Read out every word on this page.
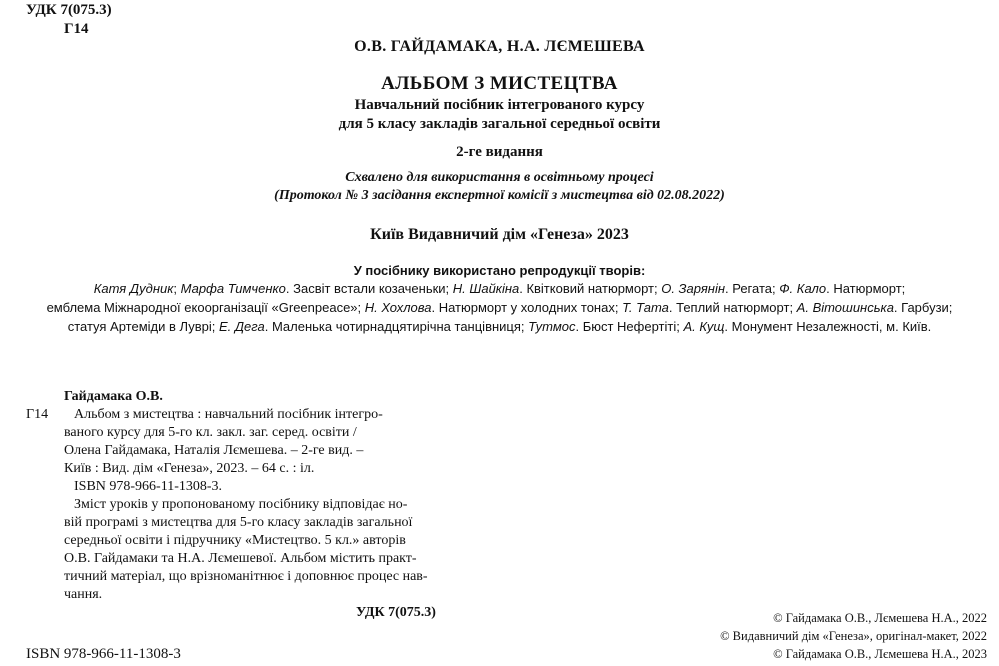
УДК 7(075.3)
Г14
О.В. ГАЙДАМАКА, Н.А. ЛЄМЕШЕВА
АЛЬБОМ З МИСТЕЦТВА
Навчальний посібник інтегрованого курсу
для 5 класу закладів загальної середньої освіти
2-ге видання
Схвалено для використання в освітньому процесі
(Протокол № 3 засідання експертної комісії з мистецтва від 02.08.2022)
Київ Видавничий дім «Генеза» 2023
У посібнику використано репродукції творів:
Катя Дудник; Марфа Тимченко. Засвіт встали козаченьки; Н. Шайкіна. Квітковий натюрморт; О. Зарянін. Регата; Ф. Кало. Натюрморт;
емблема Міжнародної екоорганізації «Greenpeace»; Н. Хохлова. Натюрморт у холодних тонах; Т. Тата. Теплий натюрморт; А. Вітошинська. Гарбузи;
статуя Артеміди в Луврі; Е. Дега. Маленька чотирнадцятирічна танцівниця; Тутмос. Бюст Нефертіті; А. Кущ. Монумент Незалежності, м. Київ.
Гайдамака О.В.
Г14 Альбом з мистецтва : навчальний посібник інтегро-
ваного курсу для 5-го кл. закл. заг. серед. освіти /
Олена Гайдамака, Наталія Лємешева. – 2-ге вид. –
Київ : Вид. дім «Генеза», 2023. – 64 с. : іл.
ISBN 978-966-11-1308-3.
Зміст уроків у пропонованому посібнику відповідає но-
вій програмі з мистецтва для 5-го класу закладів загальної
середньої освіти і підручнику «Мистецтво. 5 кл.» авторів
О.В. Гайдамаки та Н.А. Лємешевої. Альбом містить практ-
тичний матеріал, що врізноманітнює і доповнює процес нав-
чання.
УДК 7(075.3)
ISBN 978-966-11-1308-3
© Гайдамака О.В., Лємешева Н.А., 2022
© Видавничий дім «Генеза», оригінал-макет, 2022
© Гайдамака О.В., Лємешева Н.А., 2023
